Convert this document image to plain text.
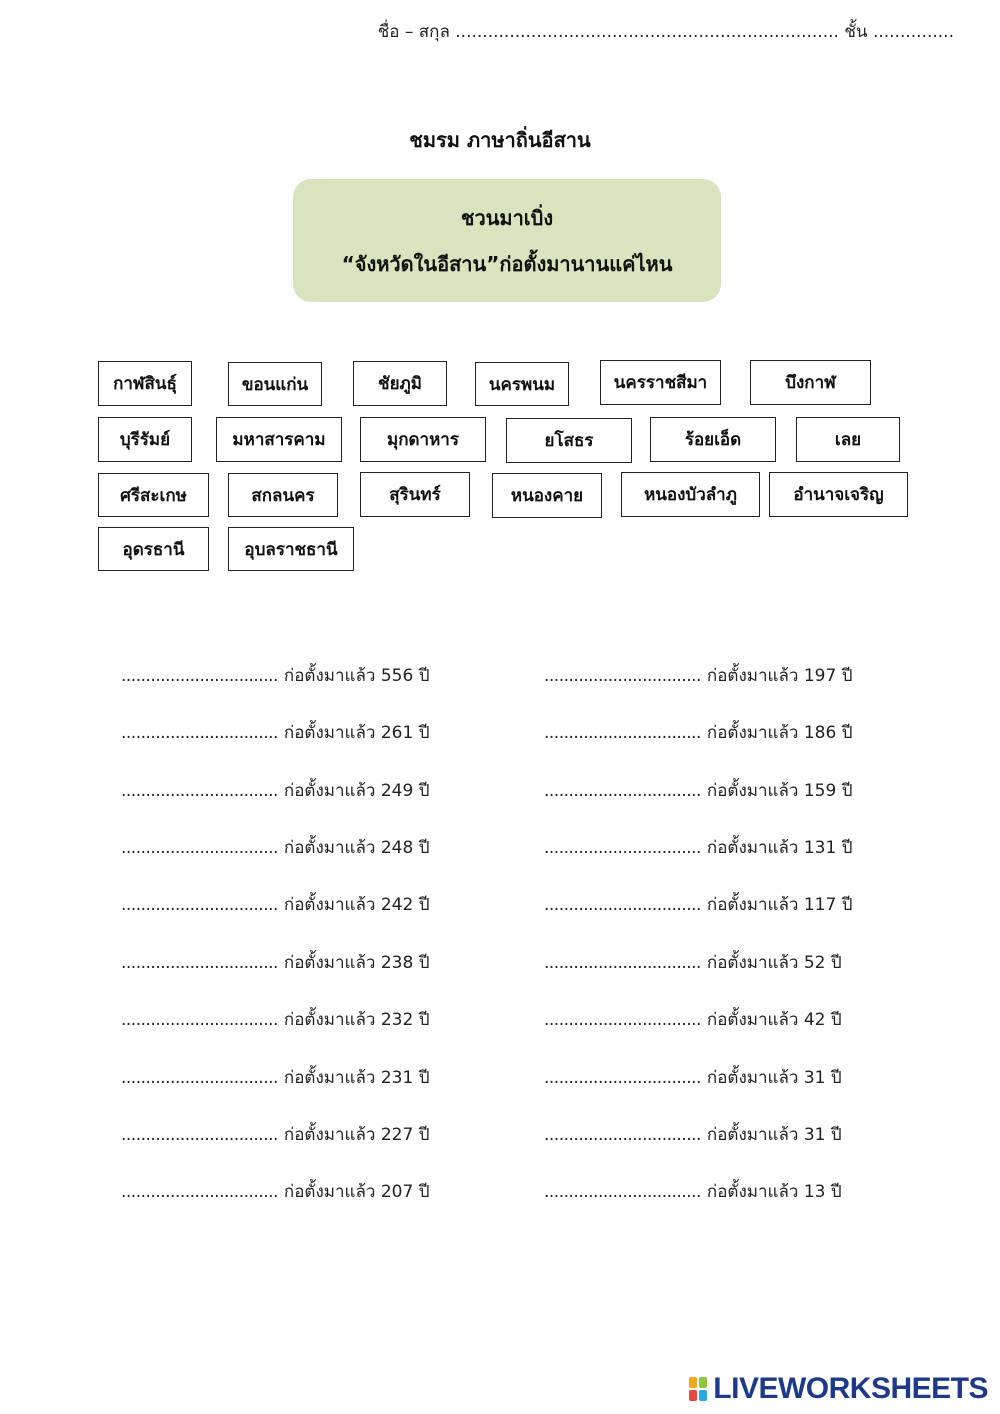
ชื่อ – สกุล ....................................................................... ชั้น ...............
ชมรม ภาษาถิ่นอีสาน
ชวนมาเบิ่ง
“จังหวัดในอีสาน”ก่อตั้งมานานแค่ไหน
กาฬสินธุ์	ขอนแก่น	ชัยภูมิ	นครพนม	นครราชสีมา	บึงกาฬ
บุรีรัมย์	มหาสารคาม	มุกดาหาร	ยโสธร	ร้อยเอ็ด	เลย
ศรีสะเกษ	สกลนคร	สุรินทร์	หนองคาย	หนองบัวลำภู	อำนาจเจริญ
อุดรธานี	อุบลราชธานี
................................ ก่อตั้งมาแล้ว 556 ปี
................................ ก่อตั้งมาแล้ว 261 ปี
................................ ก่อตั้งมาแล้ว 249 ปี
................................ ก่อตั้งมาแล้ว 248 ปี
................................ ก่อตั้งมาแล้ว 242 ปี
................................ ก่อตั้งมาแล้ว 238 ปี
................................ ก่อตั้งมาแล้ว 232 ปี
................................ ก่อตั้งมาแล้ว 231 ปี
................................ ก่อตั้งมาแล้ว 227 ปี
................................ ก่อตั้งมาแล้ว 207 ปี
................................ ก่อตั้งมาแล้ว 197 ปี
................................ ก่อตั้งมาแล้ว 186 ปี
................................ ก่อตั้งมาแล้ว 159 ปี
................................ ก่อตั้งมาแล้ว 131 ปี
................................ ก่อตั้งมาแล้ว 117 ปี
................................ ก่อตั้งมาแล้ว 52 ปี
................................ ก่อตั้งมาแล้ว 42 ปี
................................ ก่อตั้งมาแล้ว 31 ปี
................................ ก่อตั้งมาแล้ว 31 ปี
................................ ก่อตั้งมาแล้ว 13 ปี
LIVEWORKSHEETS
